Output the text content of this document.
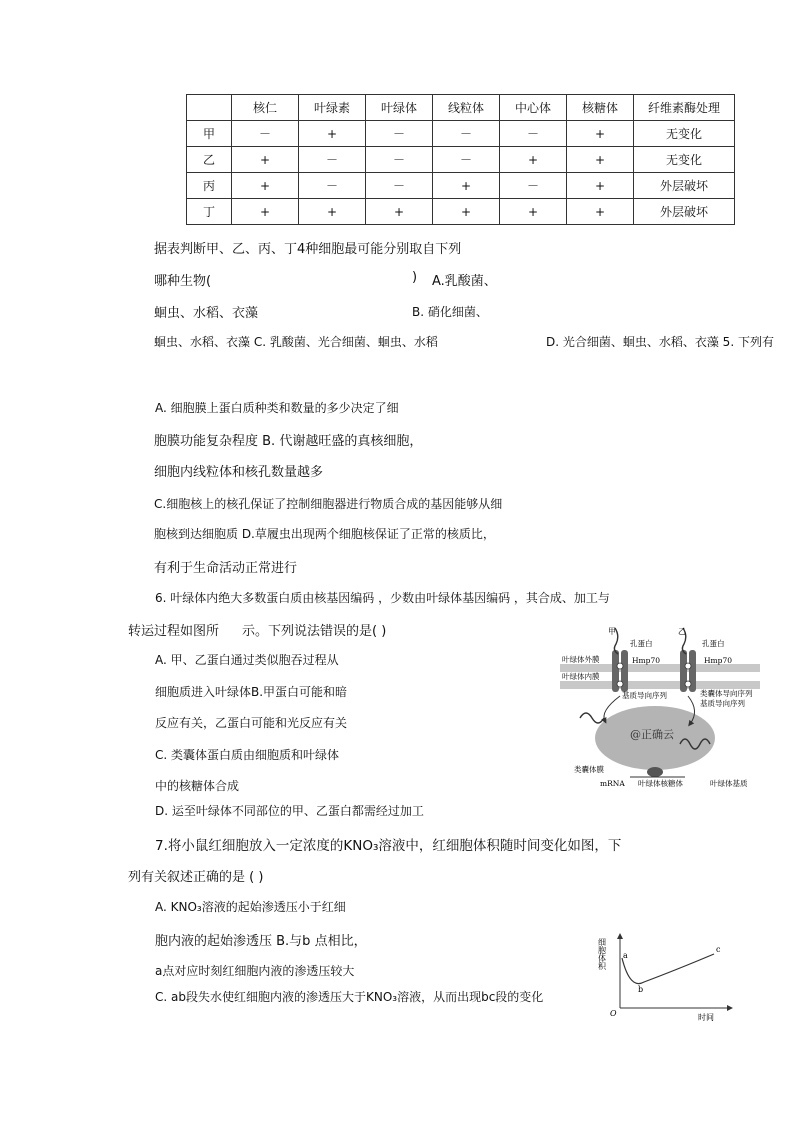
	核仁	叶绿素	叶绿体	线粒体	中心体	核糖体	纤维素酶处理
甲	－	+	－	－	－	+	无变化
乙	+	－	－	－	+	+	无变化
丙	+	－	－	+	－	+	外层破坏
丁	+	+	+	+	+	+	外层破坏
据表判断甲、乙、丙、丁4种细胞最可能分别取自下列
哪种生物(	) A.乳酸菌、
蛔虫、水稻、衣藻	B. 硝化细菌、
蛔虫、水稻、衣藻 C. 乳酸菌、光合细菌、蛔虫、水稻	D. 光合细菌、蛔虫、水稻、衣藻 5. 下列有
A. 细胞膜上蛋白质种类和数量的多少决定了细
胞膜功能复杂程度 B. 代谢越旺盛的真核细胞，
细胞内线粒体和核孔数量越多
C.细胞核上的核孔保证了控制细胞器进行物质合成的基因能够从细
胞核到达细胞质 D.草履虫出现两个细胞核保证了正常的核质比，
有利于生命活动正常进行
6. 叶绿体内绝大多数蛋白质由核基因编码 ，少数由叶绿体基因编码 ，其合成、加工与
转运过程如图所 示。下列说法错误的是( )
A. 甲、乙蛋白通过类似胞吞过程从
细胞质进入叶绿体B.甲蛋白可能和暗
反应有关，乙蛋白可能和光反应有关
C. 类囊体蛋白质由细胞质和叶绿体
中的核糖体合成
D. 运至叶绿体不同部位的甲、乙蛋白都需经过加工
甲	乙
孔蛋白	孔蛋白
Hmp70	Hmp70
叶绿体外膜
叶绿体内膜
基质导向序列	类囊体导向序列
基质导向序列
@正确云
类囊体膜
mRNA 叶绿体核糖体	叶绿体基质
7.将小鼠红细胞放入一定浓度的KNO₃溶液中，红细胞体积随时间变化如图，下
列有关叙述正确的是 ( )
A. KNO₃溶液的起始渗透压小于红细
胞内液的起始渗透压 B.与b 点相比，
a点对应时刻红细胞内液的渗透压较大
C. ab段失水使红细胞内液的渗透压大于KNO₃溶液，从而出现bc段的变化
细胞体积
时间
O
a
b
c
